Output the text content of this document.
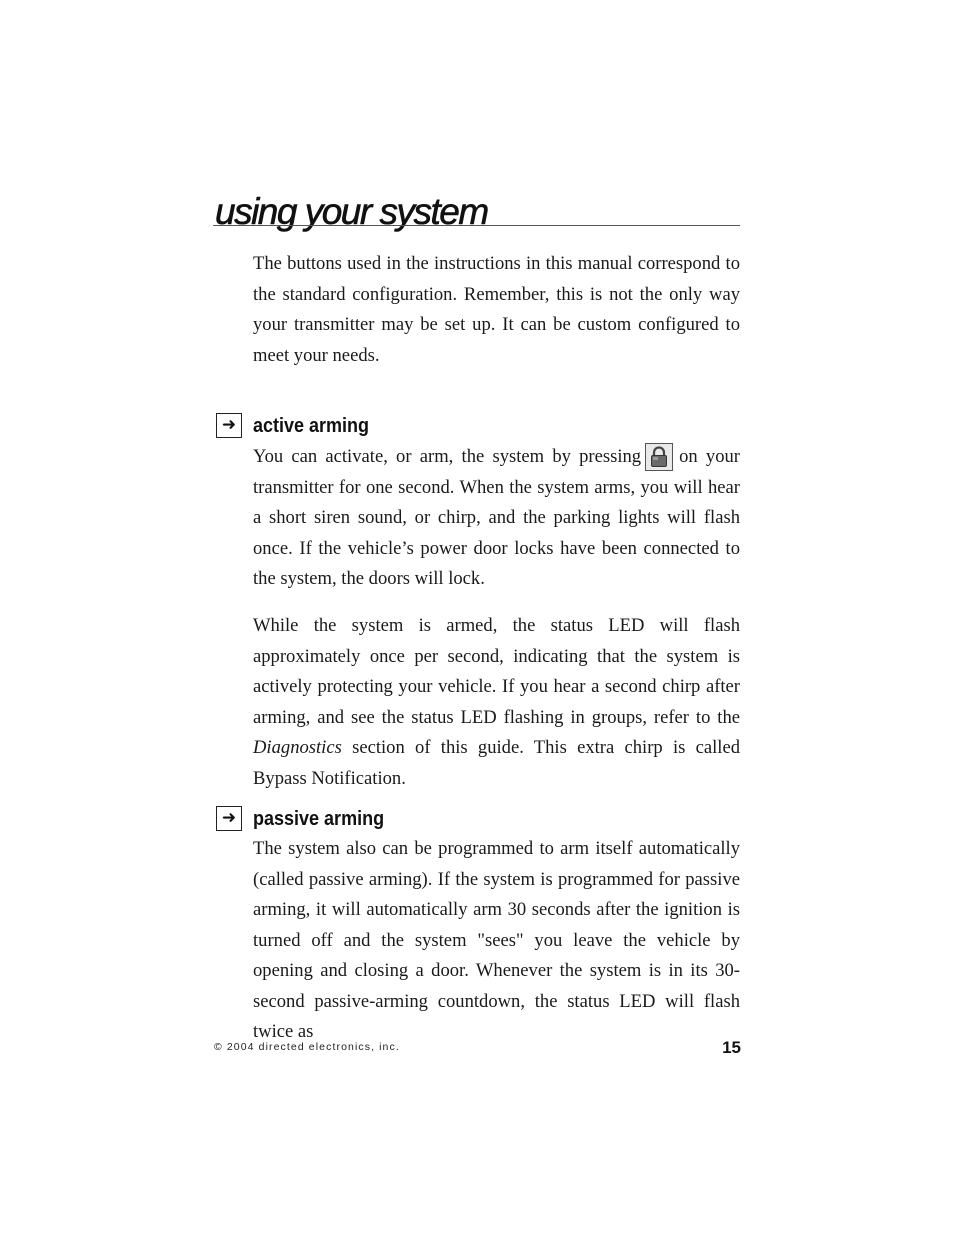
using your system

The buttons used in the instructions in this manual correspond to the standard configuration. Remember, this is not the only way your transmitter may be set up. It can be custom configured to meet your needs.

➜ active arming

You can activate, or arm, the system by pressing on your transmitter for one second. When the system arms, you will hear a short siren sound, or chirp, and the parking lights will flash once. If the vehicle’s power door locks have been connected to the system, the doors will lock.

While the system is armed, the status LED will flash approximately once per second, indicating that the system is actively protecting your vehicle. If you hear a second chirp after arming, and see the status LED flashing in groups, refer to the Diagnostics section of this guide. This extra chirp is called Bypass Notification.

➜ passive arming

The system also can be programmed to arm itself automatically (called passive arming). If the system is programmed for passive arming, it will automatically arm 30 seconds after the ignition is turned off and the system "sees" you leave the vehicle by opening and closing a door. Whenever the system is in its 30-second passive-arming countdown, the status LED will flash twice as

© 2004 directed electronics, inc.	15
